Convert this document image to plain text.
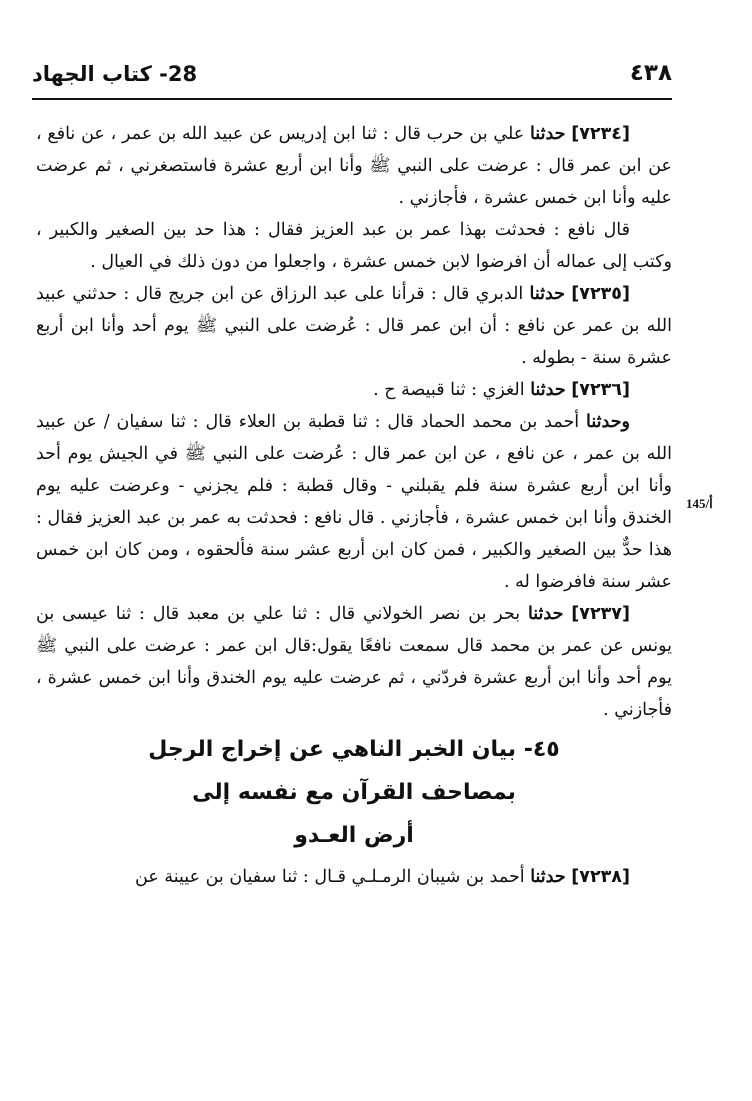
28- كتاب الجهاد	٤٣٨
145/أ

[٧٢٣٤] حدثنا علي بن حرب قال : ثنا ابن إدريس عن عبيد الله بن عمر ، عن نافع ، عن ابن عمر قال : عرضت على النبي ﷺ وأنا ابن أربع عشرة فاستصغرني ، ثم عرضت عليه وأنا ابن خمس عشرة ، فأجازني .

قال نافع : فحدثت بهذا عمر بن عبد العزيز فقال : هذا حد بين الصغير والكبير ، وكتب إلى عماله أن افرضوا لابن خمس عشرة ، واجعلوا من دون ذلك في العيال .

[٧٢٣٥] حدثنا الدبري قال : قرأنا على عبد الرزاق عن ابن جريج قال : حدثني عبيد الله بن عمر عن نافع : أن ابن عمر قال : عُرضت على النبي ﷺ يوم أحد وأنا ابن أربع عشرة سنة - بطوله .

[٧٢٣٦] حدثنا الغزي : ثنا قبيصة ح .

وحدثنا أحمد بن محمد الحماد قال : ثنا قطبة بن العلاء قال : ثنا سفيان / عن عبيد الله بن عمر ، عن نافع ، عن ابن عمر قال : عُرضت على النبي ﷺ في الجيش يوم أحد وأنا ابن أربع عشرة سنة فلم يقبلني - وقال قطبة : فلم يجزني - وعرضت عليه يوم الخندق وأنا ابن خمس عشرة ، فأجازني . قال نافع : فحدثت به عمر بن عبد العزيز فقال : هذا حدٌّ بين الصغير والكبير ، فمن كان ابن أربع عشر سنة فألحقوه ، ومن كان ابن خمس عشر سنة فافرضوا له .

[٧٢٣٧] حدثنا بحر بن نصر الخولاني قال : ثنا علي بن معبد قال : ثنا عيسى بن يونس عن عمر بن محمد قال سمعت نافعًا يقول:قال ابن عمر : عرضت على النبي ﷺ يوم أحد وأنا ابن أربع عشرة فردّني ، ثم عرضت عليه يوم الخندق وأنا ابن خمس عشرة ، فأجازني .

٤٥- بيان الخبر الناهي عن إخراج الرجل
بمصاحف القرآن مع نفسه إلى
أرض العـدو

[٧٢٣٨] حدثنا أحمد بن شيبان الرمـلـي قـال : ثنا سفيان بن عيينة عن
